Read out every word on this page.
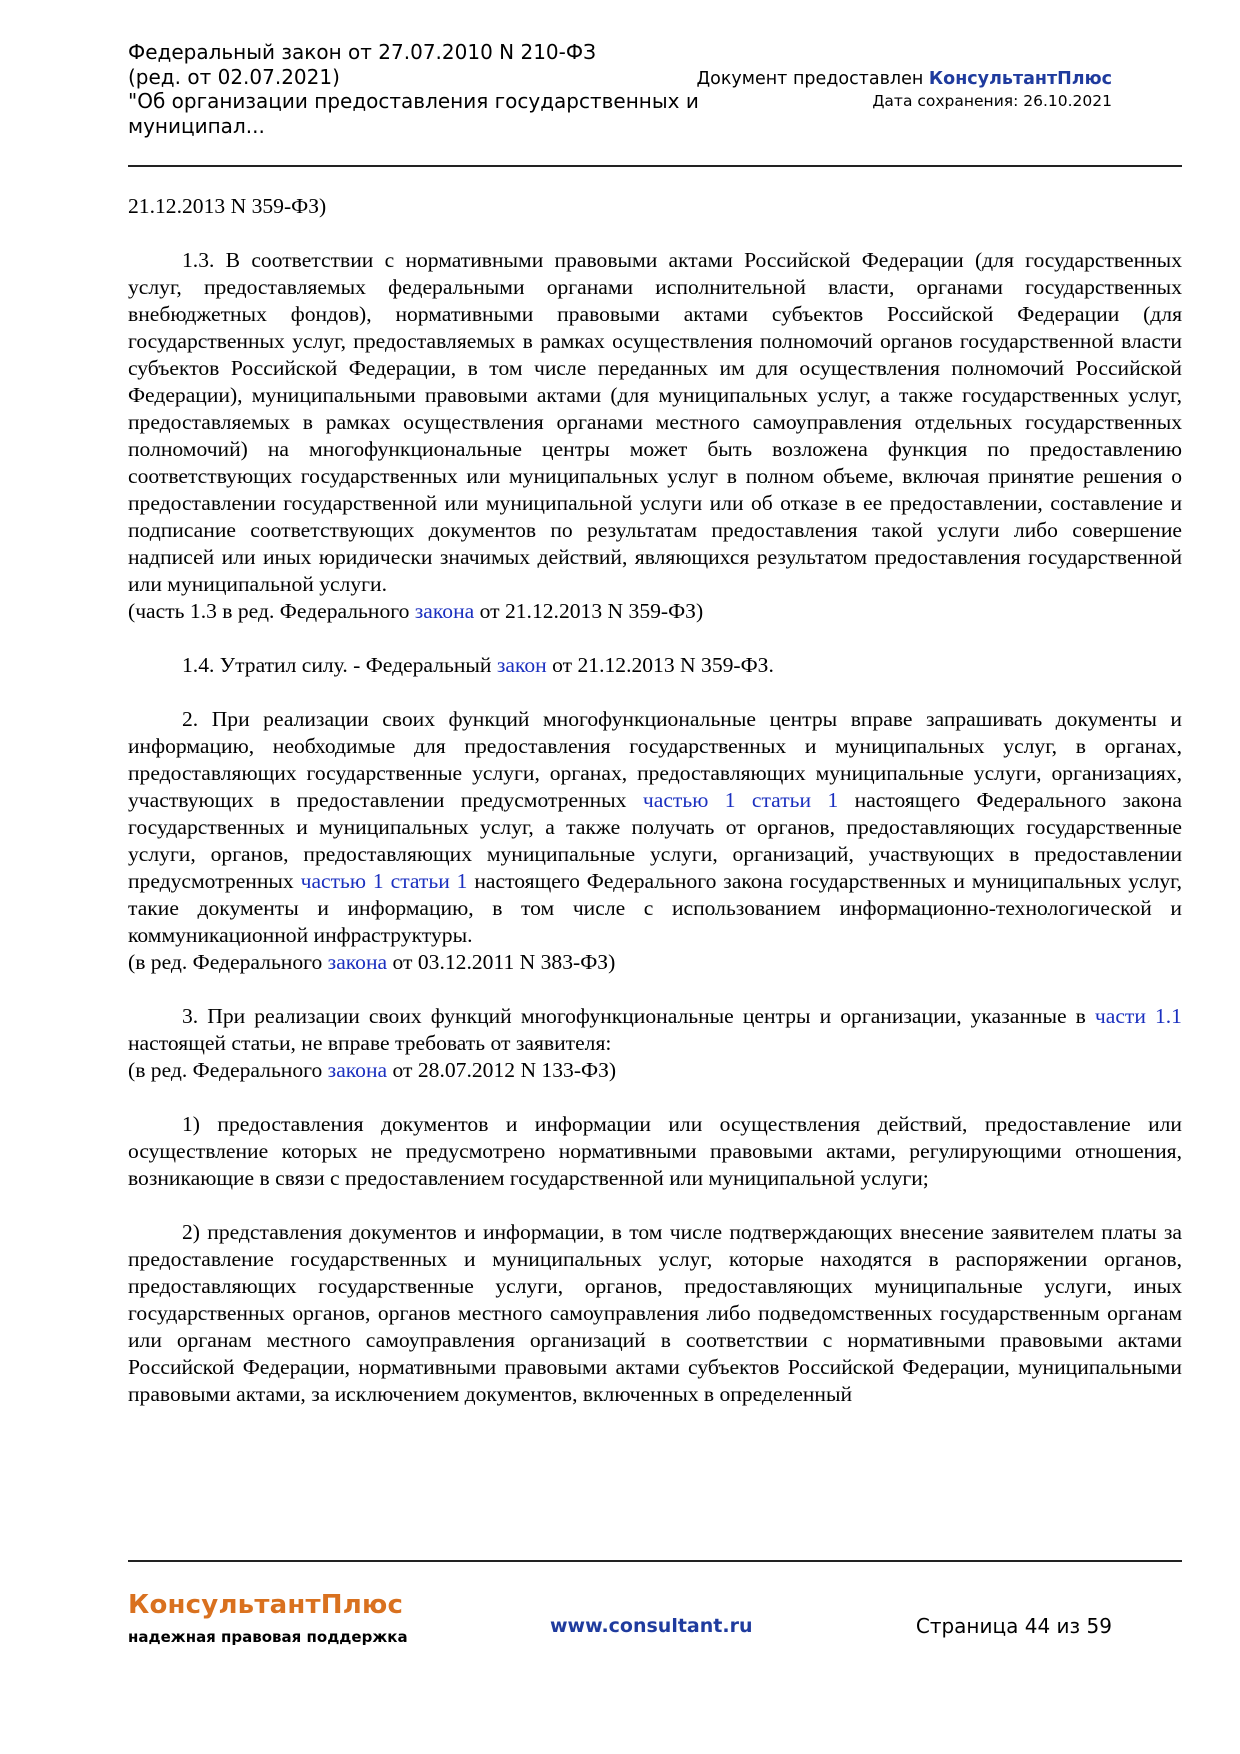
Федеральный закон от 27.07.2010 N 210-ФЗ
(ред. от 02.07.2021)
"Об организации предоставления государственных и
муниципал...
Документ предоставлен КонсультантПлюс
Дата сохранения: 26.10.2021

21.12.2013 N 359-ФЗ)

1.3. В соответствии с нормативными правовыми актами Российской Федерации (для государственных услуг, предоставляемых федеральными органами исполнительной власти, органами государственных внебюджетных фондов), нормативными правовыми актами субъектов Российской Федерации (для государственных услуг, предоставляемых в рамках осуществления полномочий органов государственной власти субъектов Российской Федерации, в том числе переданных им для осуществления полномочий Российской Федерации), муниципальными правовыми актами (для муниципальных услуг, а также государственных услуг, предоставляемых в рамках осуществления органами местного самоуправления отдельных государственных полномочий) на многофункциональные центры может быть возложена функция по предоставлению соответствующих государственных или муниципальных услуг в полном объеме, включая принятие решения о предоставлении государственной или муниципальной услуги или об отказе в ее предоставлении, составление и подписание соответствующих документов по результатам предоставления такой услуги либо совершение надписей или иных юридически значимых действий, являющихся результатом предоставления государственной или муниципальной услуги.

(часть 1.3 в ред. Федерального закона от 21.12.2013 N 359-ФЗ)

1.4. Утратил силу. - Федеральный закон от 21.12.2013 N 359-ФЗ.

2. При реализации своих функций многофункциональные центры вправе запрашивать документы и информацию, необходимые для предоставления государственных и муниципальных услуг, в органах, предоставляющих государственные услуги, органах, предоставляющих муниципальные услуги, организациях, участвующих в предоставлении предусмотренных частью 1 статьи 1 настоящего Федерального закона государственных и муниципальных услуг, а также получать от органов, предоставляющих государственные услуги, органов, предоставляющих муниципальные услуги, организаций, участвующих в предоставлении предусмотренных частью 1 статьи 1 настоящего Федерального закона государственных и муниципальных услуг, такие документы и информацию, в том числе с использованием информационно-технологической и коммуникационной инфраструктуры.

(в ред. Федерального закона от 03.12.2011 N 383-ФЗ)

3. При реализации своих функций многофункциональные центры и организации, указанные в части 1.1 настоящей статьи, не вправе требовать от заявителя:

(в ред. Федерального закона от 28.07.2012 N 133-ФЗ)

1) предоставления документов и информации или осуществления действий, предоставление или осуществление которых не предусмотрено нормативными правовыми актами, регулирующими отношения, возникающие в связи с предоставлением государственной или муниципальной услуги;

2) представления документов и информации, в том числе подтверждающих внесение заявителем платы за предоставление государственных и муниципальных услуг, которые находятся в распоряжении органов, предоставляющих государственные услуги, органов, предоставляющих муниципальные услуги, иных государственных органов, органов местного самоуправления либо подведомственных государственным органам или органам местного самоуправления организаций в соответствии с нормативными правовыми актами Российской Федерации, нормативными правовыми актами субъектов Российской Федерации, муниципальными правовыми актами, за исключением документов, включенных в определенный

КонсультантПлюс
надежная правовая поддержка	www.consultant.ru	Страница 44 из 59
